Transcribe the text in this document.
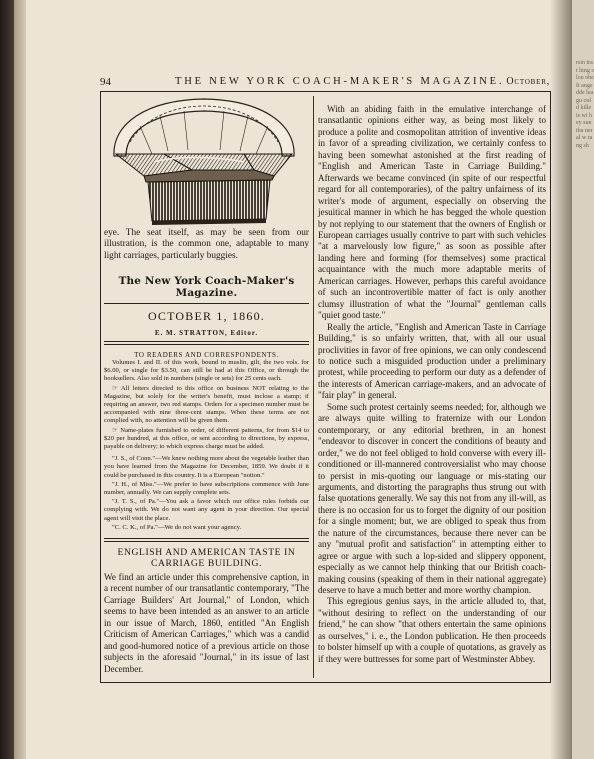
rsin trat hing slou obefi ange dde leagu ould kille is wi hey sun tha ner al w rang sh
94	THE NEW YORK COACH-MAKER'S MAGAZINE. October,
eye. The seat itself, as may be seen from our illustration, is the common one, adaptable to many light carriages, particularly buggies.
The New York Coach-Maker's Magazine.
OCTOBER 1, 1860.
E. M. STRATTON, Editor.
TO READERS AND CORRESPONDENTS.

Volumes I. and II. of this work, bound in muslin, gilt, the two vols. for $6.00, or single for $3.50, can still be had at this Office, or through the booksellers. Also sold in numbers (single or sets) for 25 cents each.

☞ All letters directed to this office on business NOT relating to the Magazine, but solely for the writer's benefit, must inclose a stamp; if requiring an answer, two red stamps. Orders for a specimen number must be accompanied with nine three-cent stamps. When these terms are not complied with, no attention will be given them.

☞ Name-plates furnished to order, of different patterns, for from $14 to $20 per hundred, at this office, or sent according to directions, by express, payable on delivery; to which express charge must be added.

"J. S., of Conn."—We knew nothing more about the vegetable leather than you have learned from the Magazine for December, 1859. We doubt if it could be purchased in this country. It is a European "notion."

"J. H., of Miss."—We prefer to have subscriptions commence with June number, annually. We can supply complete sets.

"J. T. S., of Pa."—You ask a favor which our office rules forbids our complying with. We do not want any agent in your direction. Our special agent will visit the place.

"C. C. K., of Pa."—We do not want your agency.

ENGLISH AND AMERICAN TASTE IN CARRIAGE BUILDING.

We find an article under this comprehensive caption, in a recent number of our transatlantic contemporary, "The Carriage Builders' Art Journal," of London, which seems to have been intended as an answer to an article in our issue of March, 1860, entitled "An English Criticism of American Carriages," which was a candid and good-humored notice of a previous article on those subjects in the aforesaid "Journal," in its issue of last December.

With an abiding faith in the emulative interchange of transatlantic opinions either way, as being most likely to produce a polite and cosmopolitan attrition of inventive ideas in favor of a spreading civilization, we certainly confess to having been somewhat astonished at the first reading of "English and American Taste in Carriage Building." Afterwards we became convinced (in spite of our respectful regard for all contemporaries), of the paltry unfairness of its writer's mode of argument, especially on observing the jesuitical manner in which he has begged the whole question by not replying to our statement that the owners of English or European carriages usually contrive to part with such vehicles "at a marvelously low figure," as soon as possible after landing here and forming (for themselves) some practical acquaintance with the much more adaptable merits of American carriages. However, perhaps this careful avoidance of such an incontrovertible matter of fact is only another clumsy illustration of what the "Journal" gentleman calls "quiet good taste."

Really the article, "English and American Taste in Carriage Building," is so unfairly written, that, with all our usual proclivities in favor of free opinions, we can only condescend to notice such a misguided production under a preliminary protest, while proceeding to perform our duty as a defender of the interests of American carriage-makers, and an advocate of "fair play" in general.

Some such protest certainly seems needed; for, although we are always quite willing to fraternize with our London contemporary, or any editorial brethren, in an honest "endeavor to discover in concert the conditions of beauty and order," we do not feel obliged to hold converse with every ill-conditioned or ill-mannered controversialist who may choose to persist in mis-quoting our language or mis-stating our arguments, and distorting the paragraphs thus strung out with false quotations generally. We say this not from any ill-will, as there is no occasion for us to forget the dignity of our position for a single moment; but, we are obliged to speak thus from the nature of the circumstances, because there never can be any "mutual profit and satisfaction" in attempting either to agree or argue with such a lop-sided and slippery opponent, especially as we cannot help thinking that our British coach-making cousins (speaking of them in their national aggregate) deserve to have a much better and more worthy champion.

This egregious genius says, in the article alluded to, that, "without desiring to reflect on the understanding of our friend," he can show "that others entertain the same opinions as ourselves," i. e., the London publication. He then proceeds to bolster himself up with a couple of quotations, as gravely as if they were buttresses for some part of Westminster Abbey.
